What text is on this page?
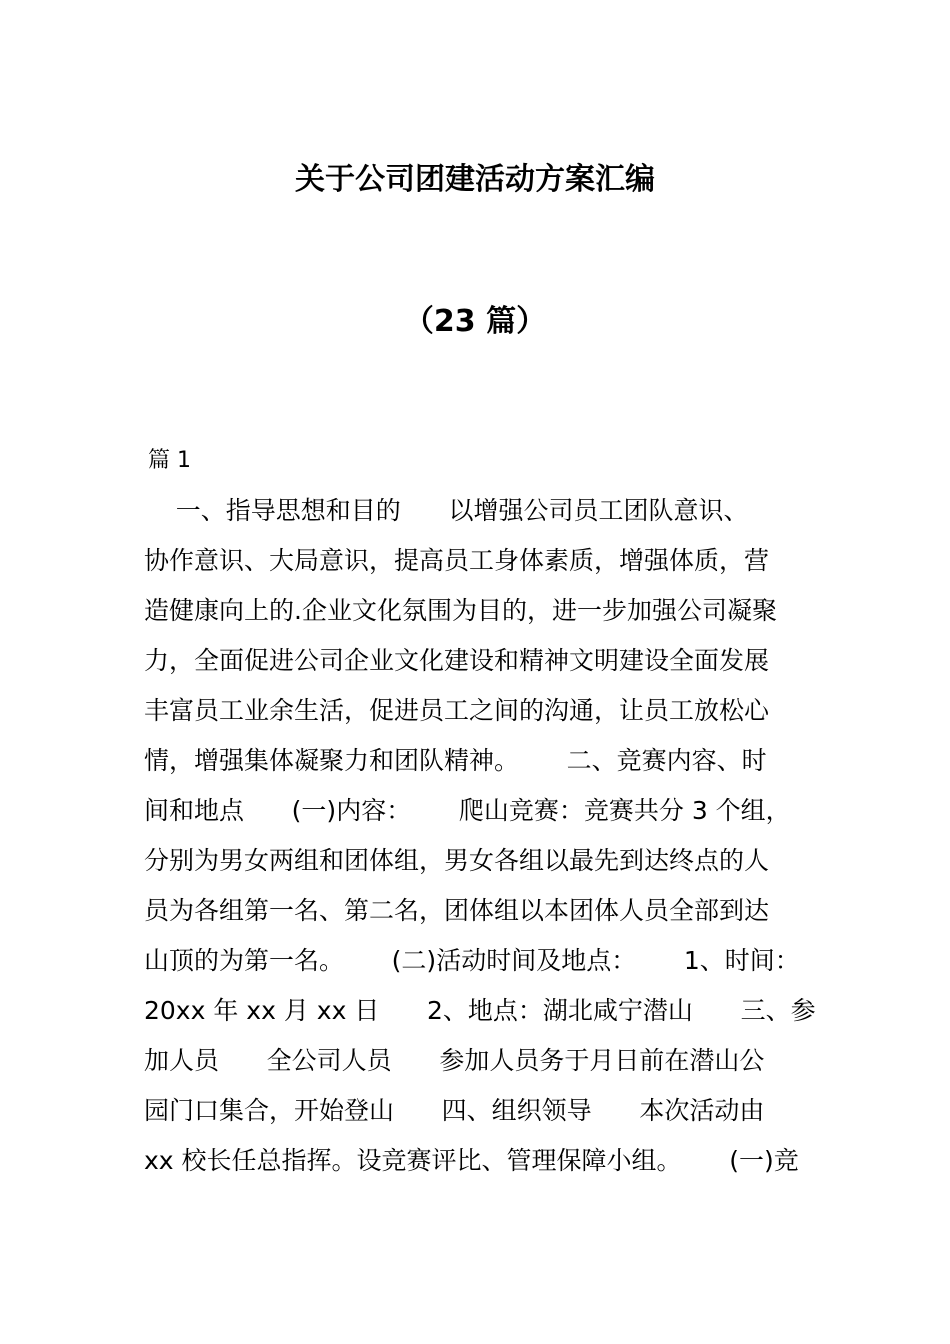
关于公司团建活动方案汇编
（23 篇）
篇 1
一、指导思想和目的      以增强公司员工团队意识、
协作意识、大局意识，提高员工身体素质，增强体质，营
造健康向上的.企业文化氛围为目的，进一步加强公司凝聚
力，全面促进公司企业文化建设和精神文明建设全面发展
丰富员工业余生活，促进员工之间的沟通，让员工放松心
情，增强集体凝聚力和团队精神。      二、竞赛内容、时
间和地点      (一)内容：      爬山竞赛：竞赛共分 3 个组，
分别为男女两组和团体组，男女各组以最先到达终点的人
员为各组第一名、第二名，团体组以本团体人员全部到达
山顶的为第一名。      (二)活动时间及地点：      1、时间：
20xx 年 xx 月 xx 日      2、地点：湖北咸宁潜山      三、参
加人员      全公司人员      参加人员务于月日前在潜山公
园门口集合，开始登山      四、组织领导      本次活动由
xx 校长任总指挥。设竞赛评比、管理保障小组。      (一)竞
